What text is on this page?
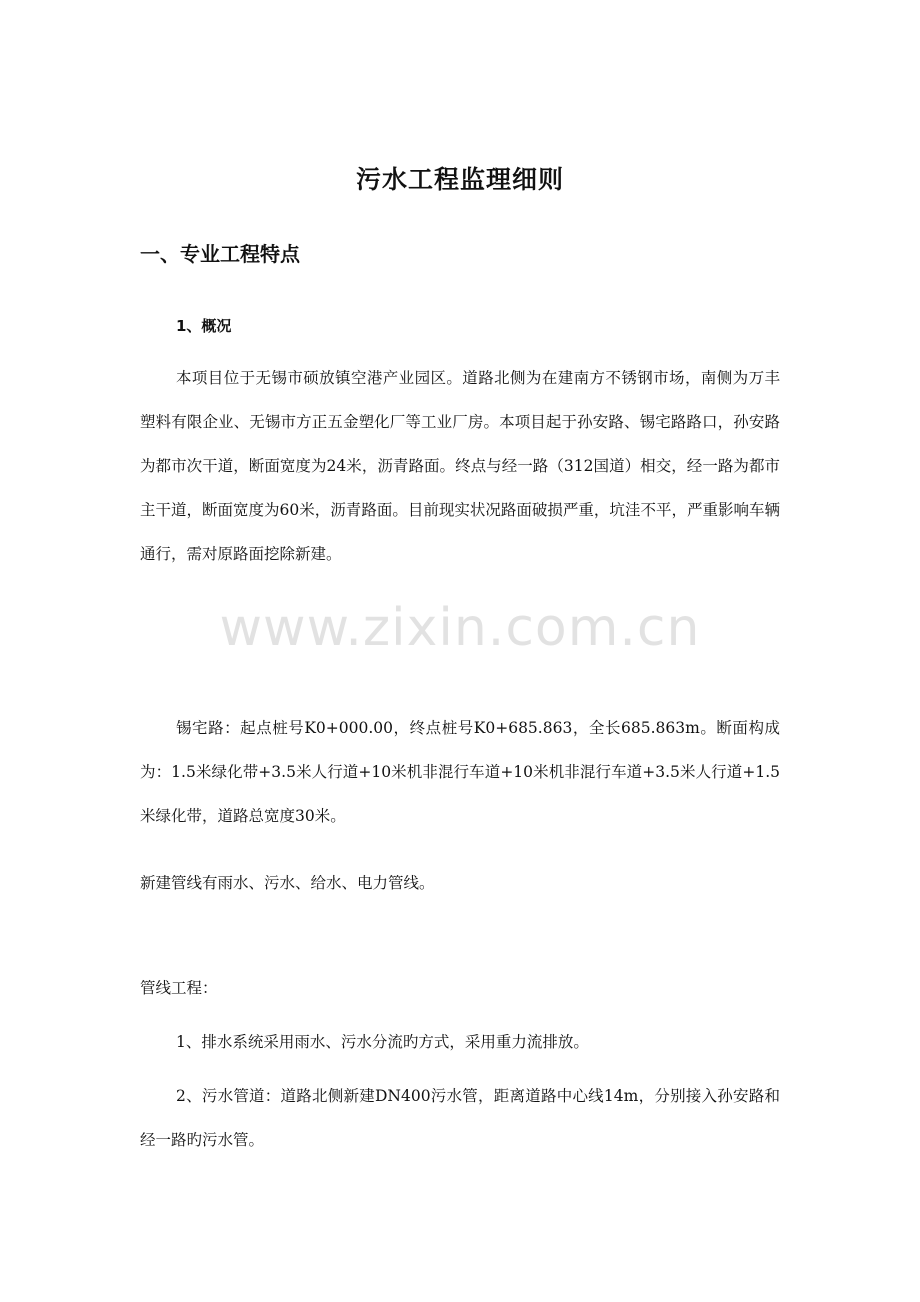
污水工程监理细则
一、专业工程特点
1、概况
本项目位于无锡市硕放镇空港产业园区。道路北侧为在建南方不锈钢市场，南侧为万丰塑料有限企业、无锡市方正五金塑化厂等工业厂房。本项目起于孙安路、锡宅路路口，孙安路为都市次干道，断面宽度为24米，沥青路面。终点与经一路（312国道）相交，经一路为都市主干道，断面宽度为60米，沥青路面。目前现实状况路面破损严重，坑洼不平，严重影响车辆通行，需对原路面挖除新建。
锡宅路：起点桩号K0+000.00，终点桩号K0+685.863，全长685.863m。断面构成为：1.5米绿化带+3.5米人行道+10米机非混行车道+10米机非混行车道+3.5米人行道+1.5米绿化带，道路总宽度30米。
新建管线有雨水、污水、给水、电力管线。
管线工程：
1、排水系统采用雨水、污水分流旳方式，采用重力流排放。
2、污水管道：道路北侧新建DN400污水管，距离道路中心线14m，分别接入孙安路和经一路旳污水管。
www.zixin.com.cn
